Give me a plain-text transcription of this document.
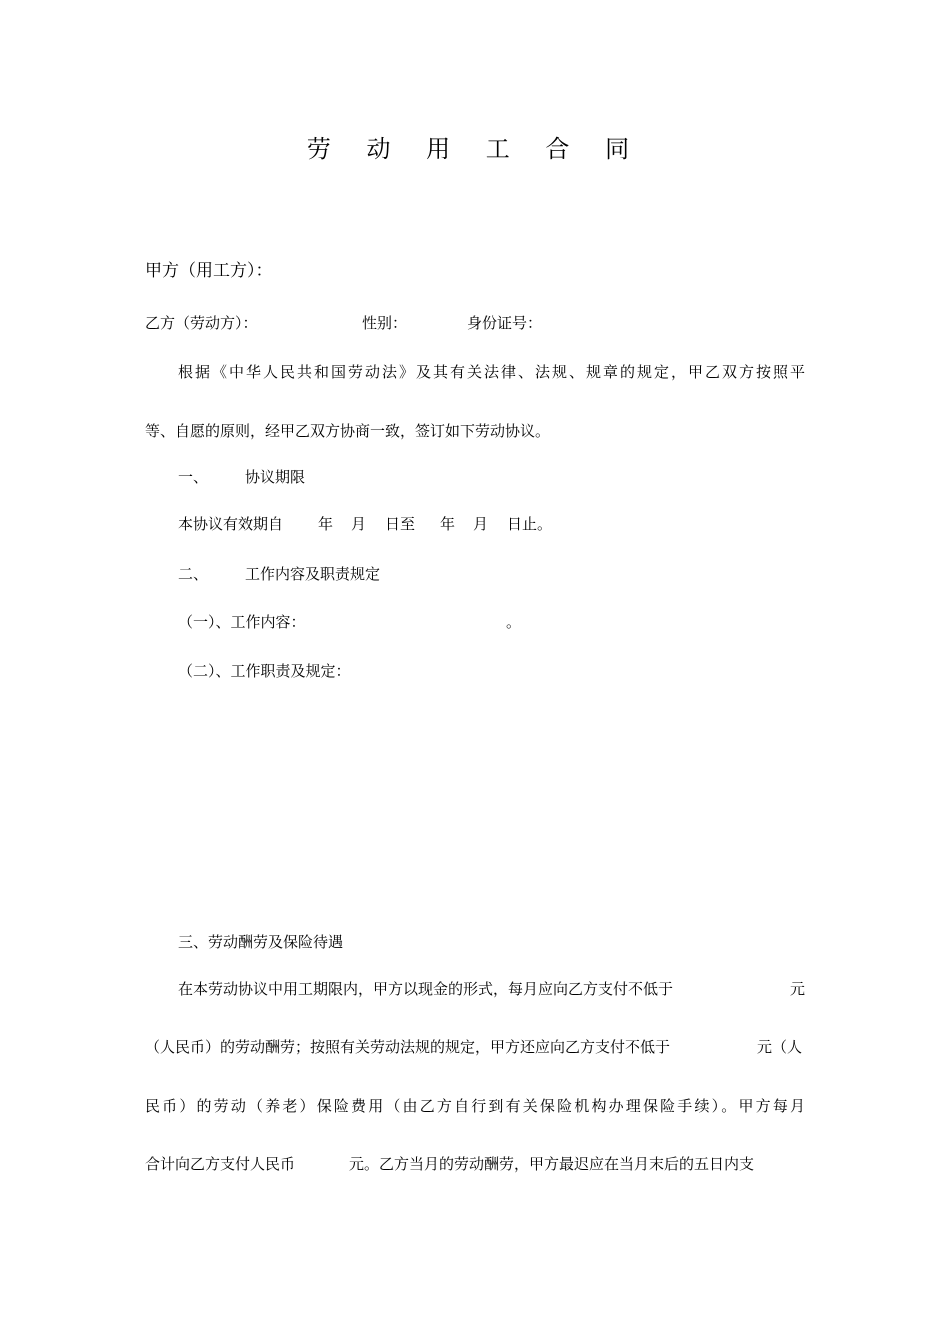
劳 动 用 工 合 同
甲方（用工方）：
乙方（劳动方）：	性别：	身份证号：
根据《中华人民共和国劳动法》及其有关法律、法规、规章的规定，甲乙双方按照平
等、自愿的原则，经甲乙双方协商一致，签订如下劳动协议。
一、 协议期限
本协议有效期自 年 月 日至 年 月 日止。
二、 工作内容及职责规定
（一）、工作内容：	。
（二）、工作职责及规定：
三、劳动酬劳及保险待遇
在本劳动协议中用工期限内，甲方以现金的形式，每月应向乙方支付不低于	元
（人民币）的劳动酬劳；按照有关劳动法规的规定，甲方还应向乙方支付不低于	元（人
民币）的劳动（养老）保险费用（由乙方自行到有关保险机构办理保险手续）。甲方每月
合计向乙方支付人民币	元。乙方当月的劳动酬劳，甲方最迟应在当月末后的五日内支
